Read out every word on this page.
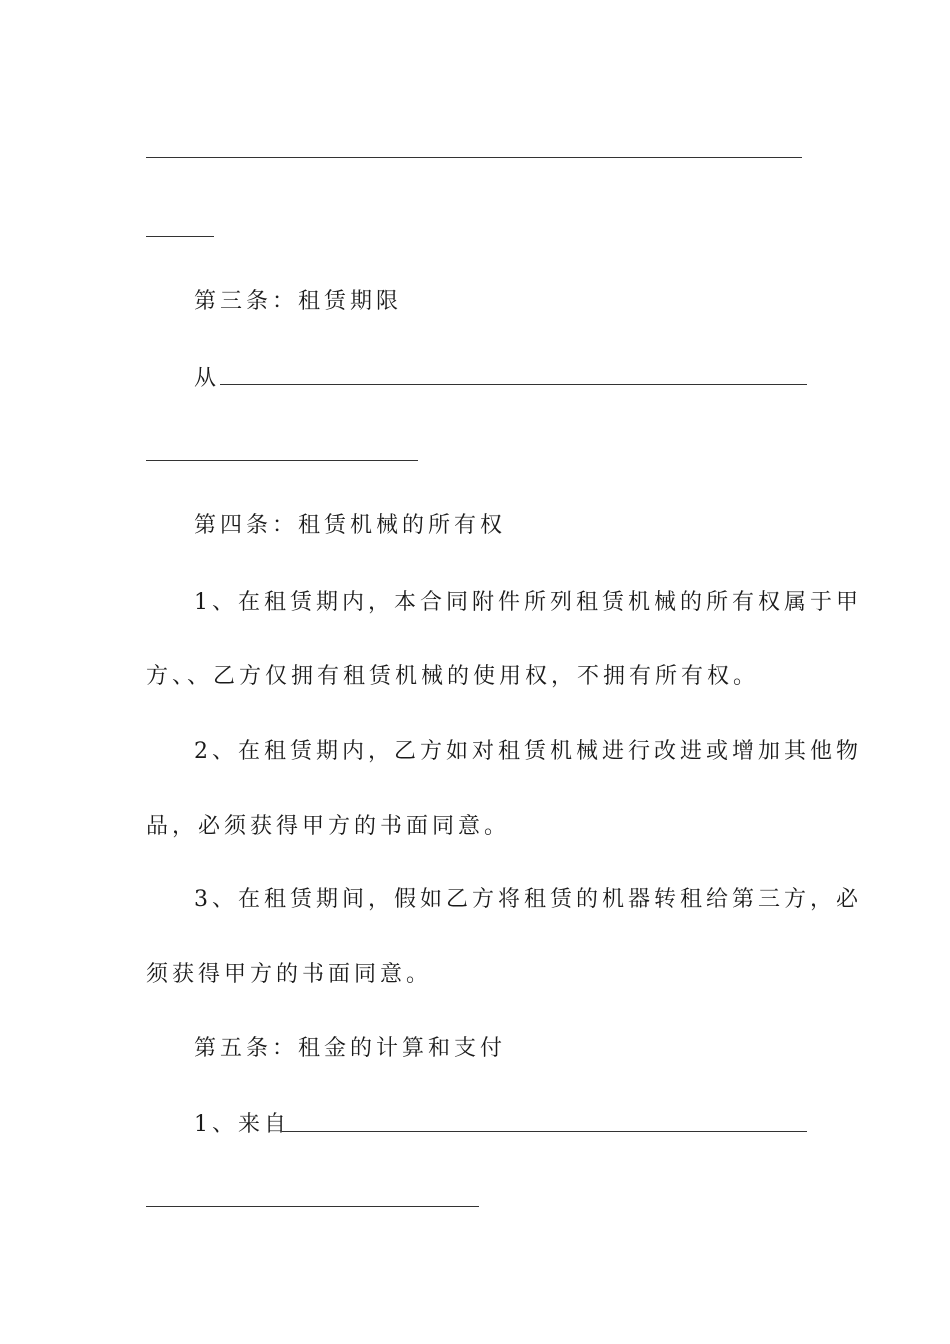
第三条：租赁期限
从
第四条：租赁机械的所有权
1、在租赁期内，本合同附件所列租赁机械的所有权属于甲
方、、乙方仅拥有租赁机械的使用权，不拥有所有权。
2、在租赁期内，乙方如对租赁机械进行改进或增加其他物
品，必须获得甲方的书面同意。
3、在租赁期间，假如乙方将租赁的机器转租给第三方，必
须获得甲方的书面同意。
第五条：租金的计算和支付
1、来自
